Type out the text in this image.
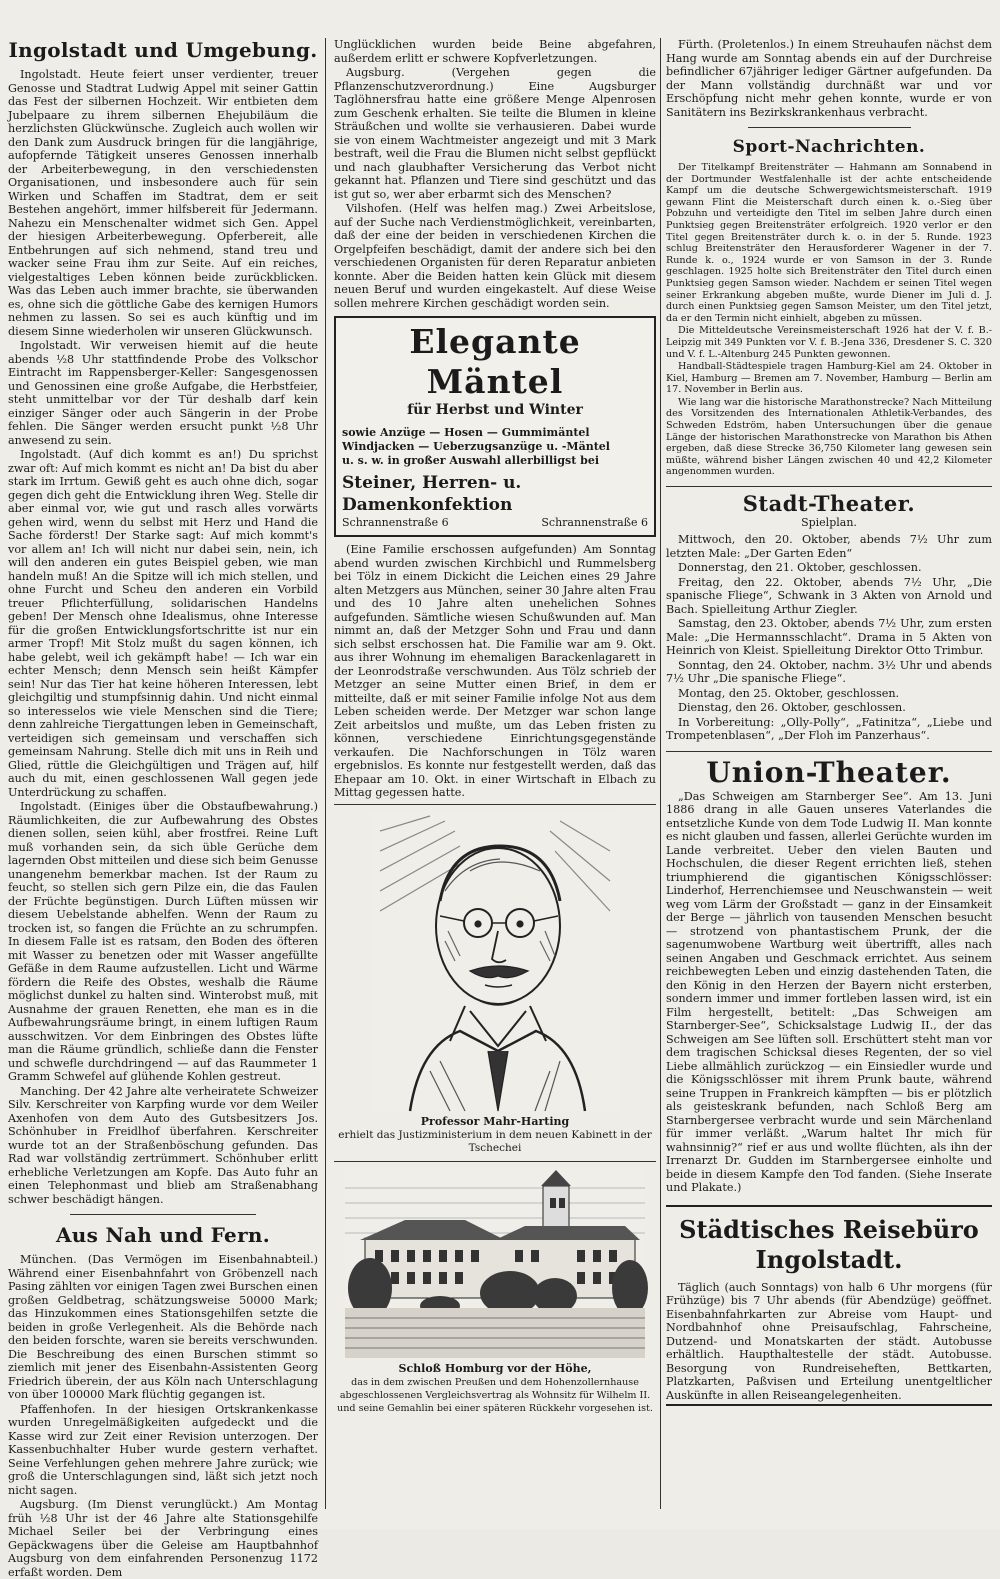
Ingolstadt und Umgebung.

Ingolstadt. Heute feiert unser verdienter, treuer Genosse und Stadtrat Ludwig Appel mit seiner Gattin das Fest der silbernen Hochzeit. Wir entbieten dem Jubelpaare zu ihrem silbernen Ehejubiläum die herzlichsten Glückwünsche. Zugleich auch wollen wir den Dank zum Ausdruck bringen für die langjährige, aufopfernde Tätigkeit unseres Genossen innerhalb der Arbeiterbewegung, in den verschiedensten Organisationen, und insbesondere auch für sein Wirken und Schaffen im Stadtrat, dem er seit Bestehen angehört, immer hilfsbereit für Jedermann. Nahezu ein Menschenalter widmet sich Gen. Appel der hiesigen Arbeiterbewegung. Opferbereit, alle Entbehrungen auf sich nehmend, stand treu und wacker seine Frau ihm zur Seite. Auf ein reiches, vielgestaltiges Leben können beide zurückblicken. Was das Leben auch immer brachte, sie überwanden es, ohne sich die göttliche Gabe des kernigen Humors nehmen zu lassen. So sei es auch künftig und im diesem Sinne wiederholen wir unseren Glückwunsch.

Ingolstadt. Wir verweisen hiemit auf die heute abends ½8 Uhr stattfindende Probe des Volkschor Eintracht im Rappensberger-Keller: Sangesgenossen und Genossinen eine große Aufgabe, die Herbstfeier, steht unmittelbar vor der Tür deshalb darf kein einziger Sänger oder auch Sängerin in der Probe fehlen. Die Sänger werden ersucht punkt ½8 Uhr anwesend zu sein.

Ingolstadt. (Auf dich kommt es an!) Du sprichst zwar oft: Auf mich kommt es nicht an! Da bist du aber stark im Irrtum. Gewiß geht es auch ohne dich, sogar gegen dich geht die Entwicklung ihren Weg. Stelle dir aber einmal vor, wie gut und rasch alles vorwärts gehen wird, wenn du selbst mit Herz und Hand die Sache förderst! Der Starke sagt: Auf mich kommt's vor allem an! Ich will nicht nur dabei sein, nein, ich will den anderen ein gutes Beispiel geben, wie man handeln muß! An die Spitze will ich mich stellen, und ohne Furcht und Scheu den anderen ein Vorbild treuer Pflichterfüllung, solidarischen Handelns geben! Der Mensch ohne Idealismus, ohne Interesse für die großen Entwicklungsfortschritte ist nur ein armer Tropf! Mit Stolz mußt du sagen können, ich habe gelebt, weil ich gekämpft habe! — Ich war ein echter Mensch; denn Mensch sein heißt Kämpfer sein! Nur das Tier hat keine höheren Interessen, lebt gleichgiltig und stumpfsinnig dahin. Und nicht einmal so interesselos wie viele Menschen sind die Tiere; denn zahlreiche Tiergattungen leben in Gemeinschaft, verteidigen sich gemeinsam und verschaffen sich gemeinsam Nahrung. Stelle dich mit uns in Reih und Glied, rüttle die Gleichgültigen und Trägen auf, hilf auch du mit, einen geschlossenen Wall gegen jede Unterdrückung zu schaffen.

Ingolstadt. (Einiges über die Obstaufbewahrung.) Räumlichkeiten, die zur Aufbewahrung des Obstes dienen sollen, seien kühl, aber frostfrei. Reine Luft muß vorhanden sein, da sich üble Gerüche dem lagernden Obst mitteilen und diese sich beim Genusse unangenehm bemerkbar machen. Ist der Raum zu feucht, so stellen sich gern Pilze ein, die das Faulen der Früchte begünstigen. Durch Lüften müssen wir diesem Uebelstande abhelfen. Wenn der Raum zu trocken ist, so fangen die Früchte an zu schrumpfen. In diesem Falle ist es ratsam, den Boden des öfteren mit Wasser zu benetzen oder mit Wasser angefüllte Gefäße in dem Raume aufzustellen. Licht und Wärme fördern die Reife des Obstes, weshalb die Räume möglichst dunkel zu halten sind. Winterobst muß, mit Ausnahme der grauen Renetten, ehe man es in die Aufbewahrungsräume bringt, in einem luftigen Raum ausschwitzen. Vor dem Einbringen des Obstes lüfte man die Räume gründlich, schließe dann die Fenster und schwefle durchdringend — auf das Raummeter 1 Gramm Schwefel auf glühende Kohlen gestreut.

Manching. Der 42 Jahre alte verheiratete Schweizer Silv. Kerschreiter von Karpfing wurde vor dem Weiler Axenhofen von dem Auto des Gutsbesitzers Jos. Schönhuber in Freidlhof überfahren. Kerschreiter wurde tot an der Straßenböschung gefunden. Das Rad war vollständig zertrümmert. Schönhuber erlitt erhebliche Verletzungen am Kopfe. Das Auto fuhr an einen Telephonmast und blieb am Straßenabhang schwer beschädigt hängen.

Aus Nah und Fern.

München. (Das Vermögen im Eisenbahnabteil.) Während einer Eisenbahnfahrt von Gröbenzell nach Pasing zählten vor einigen Tagen zwei Burschen einen großen Geldbetrag, schätzungsweise 50000 Mark; das Hinzukommen eines Stationsgehilfen setzte die beiden in große Verlegenheit. Als die Behörde nach den beiden forschte, waren sie bereits verschwunden. Die Beschreibung des einen Burschen stimmt so ziemlich mit jener des Eisenbahn-Assistenten Georg Friedrich überein, der aus Köln nach Unterschlagung von über 100000 Mark flüchtig gegangen ist.

Pfaffenhofen. In der hiesigen Ortskrankenkasse wurden Unregelmäßigkeiten aufgedeckt und die Kasse wird zur Zeit einer Revision unterzogen. Der Kassenbuchhalter Huber wurde gestern verhaftet. Seine Verfehlungen gehen mehrere Jahre zurück; wie groß die Unterschlagungen sind, läßt sich jetzt noch nicht sagen.

Augsburg. (Im Dienst verunglückt.) Am Montag früh ½8 Uhr ist der 46 Jahre alte Stationsgehilfe Michael Seiler bei der Verbringung eines Gepäckwagens über die Geleise am Hauptbahnhof Augsburg von dem einfahrenden Personenzug 1172 erfaßt worden. Dem

Unglücklichen wurden beide Beine abgefahren, außerdem erlitt er schwere Kopfverletzungen.

Augsburg. (Vergehen gegen die Pflanzenschutzverordnung.) Eine Augsburger Taglöhnersfrau hatte eine größere Menge Alpenrosen zum Geschenk erhalten. Sie teilte die Blumen in kleine Sträußchen und wollte sie verhausieren. Dabei wurde sie von einem Wachtmeister angezeigt und mit 3 Mark bestraft, weil die Frau die Blumen nicht selbst gepflückt und nach glaubhafter Versicherung das Verbot nicht gekannt hat. Pflanzen und Tiere sind geschützt und das ist gut so, wer aber erbarmt sich des Menschen?

Vilshofen. (Helf was helfen mag.) Zwei Arbeitslose, auf der Suche nach Verdienstmöglichkeit, vereinbarten, daß der eine der beiden in verschiedenen Kirchen die Orgelpfeifen beschädigt, damit der andere sich bei den verschiedenen Organisten für deren Reparatur anbieten konnte. Aber die Beiden hatten kein Glück mit diesem neuen Beruf und wurden eingekastelt. Auf diese Weise sollen mehrere Kirchen geschädigt worden sein.

Elegante Mäntel
für Herbst und Winter
sowie Anzüge — Hosen — Gummimäntel
Windjacken — Ueberzugsanzüge u. -Mäntel
u. s. w. in großer Auswahl allerbilligst bei
Steiner, Herren- u. Damenkonfektion
Schrannenstraße 6	Schrannenstraße 6

(Eine Familie erschossen aufgefunden) Am Sonntag abend wurden zwischen Kirchbichl und Rummelsberg bei Tölz in einem Dickicht die Leichen eines 29 Jahre alten Metzgers aus München, seiner 30 Jahre alten Frau und des 10 Jahre alten unehelichen Sohnes aufgefunden. Sämtliche wiesen Schußwunden auf. Man nimmt an, daß der Metzger Sohn und Frau und dann sich selbst erschossen hat. Die Familie war am 9. Okt. aus ihrer Wohnung im ehemaligen Barackenlagarett in der Leonrodstraße verschwunden. Aus Tölz schrieb der Metzger an seine Mutter einen Brief, in dem er mitteilte, daß er mit seiner Familie infolge Not aus dem Leben scheiden werde. Der Metzger war schon lange Zeit arbeitslos und mußte, um das Leben fristen zu können, verschiedene Einrichtungsgegenstände verkaufen. Die Nachforschungen in Tölz waren ergebnislos. Es konnte nur festgestellt werden, daß das Ehepaar am 10. Okt. in einer Wirtschaft in Elbach zu Mittag gegessen hatte.

Professor Mahr-Harting
erhielt das Justizministerium in dem neuen Kabinett in der Tschechei
Schloß Homburg vor der Höhe,
das in dem zwischen Preußen und dem Hohenzollernhause abgeschlossenen Vergleichsvertrag als Wohnsitz für Wilhelm II. und seine Gemahlin bei einer späteren Rückkehr vorgesehen ist.

Fürth. (Proletenlos.) In einem Streuhaufen nächst dem Hang wurde am Sonntag abends ein auf der Durchreise befindlicher 67jähriger lediger Gärtner aufgefunden. Da der Mann vollständig durchnäßt war und vor Erschöpfung nicht mehr gehen konnte, wurde er von Sanitätern ins Bezirkskrankenhaus verbracht.

Sport-Nachrichten.

Der Titelkampf Breitensträter — Hahmann am Sonnabend in der Dortmunder Westfalenhalle ist der achte entscheidende Kampf um die deutsche Schwergewichtsmeisterschaft. 1919 gewann Flint die Meisterschaft durch einen k. o.-Sieg über Pobzuhn und verteidigte den Titel im selben Jahre durch einen Punktsieg gegen Breitensträter erfolgreich. 1920 verlor er den Titel gegen Breitensträter durch k. o. in der 5. Runde. 1923 schlug Breitensträter den Herausforderer Wagener in der 7. Runde k. o., 1924 wurde er von Samson in der 3. Runde geschlagen. 1925 holte sich Breitensträter den Titel durch einen Punktsieg gegen Samson wieder. Nachdem er seinen Titel wegen seiner Erkrankung abgeben mußte, wurde Diener im Juli d. J. durch einen Punktsieg gegen Samson Meister, um den Titel jetzt, da er den Termin nicht einhielt, abgeben zu müssen.

Die Mitteldeutsche Vereinsmeisterschaft 1926 hat der V. f. B.-Leipzig mit 349 Punkten vor V. f. B.-Jena 336, Dresdener S. C. 320 und V. f. L.-Altenburg 245 Punkten gewonnen.

Handball-Städtespiele tragen Hamburg-Kiel am 24. Oktober in Kiel, Hamburg — Bremen am 7. November, Hamburg — Berlin am 17. November in Berlin aus.

Wie lang war die historische Marathonstrecke? Nach Mitteilung des Vorsitzenden des Internationalen Athletik-Verbandes, des Schweden Edström, haben Untersuchungen über die genaue Länge der historischen Marathonstrecke von Marathon bis Athen ergeben, daß diese Strecke 36,750 Kilometer lang gewesen sein müßte, während bisher Längen zwischen 40 und 42,2 Kilometer angenommen wurden.

Stadt-Theater.
Spielplan.

Mittwoch, den 20. Oktober, abends 7½ Uhr zum letzten Male: „Der Garten Eden“

Donnerstag, den 21. Oktober, geschlossen.

Freitag, den 22. Oktober, abends 7½ Uhr, „Die spanische Fliege“, Schwank in 3 Akten von Arnold und Bach. Spielleitung Arthur Ziegler.

Samstag, den 23. Oktober, abends 7½ Uhr, zum ersten Male: „Die Hermannsschlacht“. Drama in 5 Akten von Heinrich von Kleist. Spielleitung Direktor Otto Trimbur.

Sonntag, den 24. Oktober, nachm. 3½ Uhr und abends 7½ Uhr „Die spanische Fliege“.

Montag, den 25. Oktober, geschlossen.

Dienstag, den 26. Oktober, geschlossen.

In Vorbereitung: „Olly-Polly“, „Fatinitza“, „Liebe und Trompetenblasen“, „Der Floh im Panzerhaus“.

Union-Theater.

„Das Schweigen am Starnberger See“. Am 13. Juni 1886 drang in alle Gauen unseres Vaterlandes die entsetzliche Kunde von dem Tode Ludwig II. Man konnte es nicht glauben und fassen, allerlei Gerüchte wurden im Lande verbreitet. Ueber den vielen Bauten und Hochschulen, die dieser Regent errichten ließ, stehen triumphierend die gigantischen Königsschlösser: Linderhof, Herrenchiemsee und Neuschwanstein — weit weg vom Lärm der Großstadt — ganz in der Einsamkeit der Berge — jährlich von tausenden Menschen besucht — strotzend von phantastischem Prunk, der die sagenumwobene Wartburg weit übertrifft, alles nach seinen Angaben und Geschmack errichtet. Aus seinem reichbewegten Leben und einzig dastehenden Taten, die den König in den Herzen der Bayern nicht ersterben, sondern immer und immer fortleben lassen wird, ist ein Film hergestellt, betitelt: „Das Schweigen am Starnberger-See“, Schicksalstage Ludwig II., der das Schweigen am See lüften soll. Erschüttert steht man vor dem tragischen Schicksal dieses Regenten, der so viel Liebe allmählich zurückzog — ein Einsiedler wurde und die Königsschlösser mit ihrem Prunk baute, während seine Truppen in Frankreich kämpften — bis er plötzlich als geisteskrank befunden, nach Schloß Berg am Starnbergersee verbracht wurde und sein Märchenland für immer verläßt. „Warum haltet Ihr mich für wahnsinnig?“ rief er aus und wollte flüchten, als ihn der Irrenarzt Dr. Gudden im Starnbergersee einholte und beide in diesem Kampfe den Tod fanden. (Siehe Inserate und Plakate.)

Städtisches Reisebüro Ingolstadt.

Täglich (auch Sonntags) von halb 6 Uhr morgens (für Frühzüge) bis 7 Uhr abends (für Abendzüge) geöffnet. Eisenbahnfahrkarten zur Abreise vom Haupt- und Nordbahnhof ohne Preisaufschlag, Fahrscheine, Dutzend- und Monatskarten der städt. Autobusse erhältlich. Haupthaltestelle der städt. Autobusse. Besorgung von Rundreiseheften, Bettkarten, Platzkarten, Paßvisen und Erteilung unentgeltlicher Auskünfte in allen Reiseangelegenheiten.
